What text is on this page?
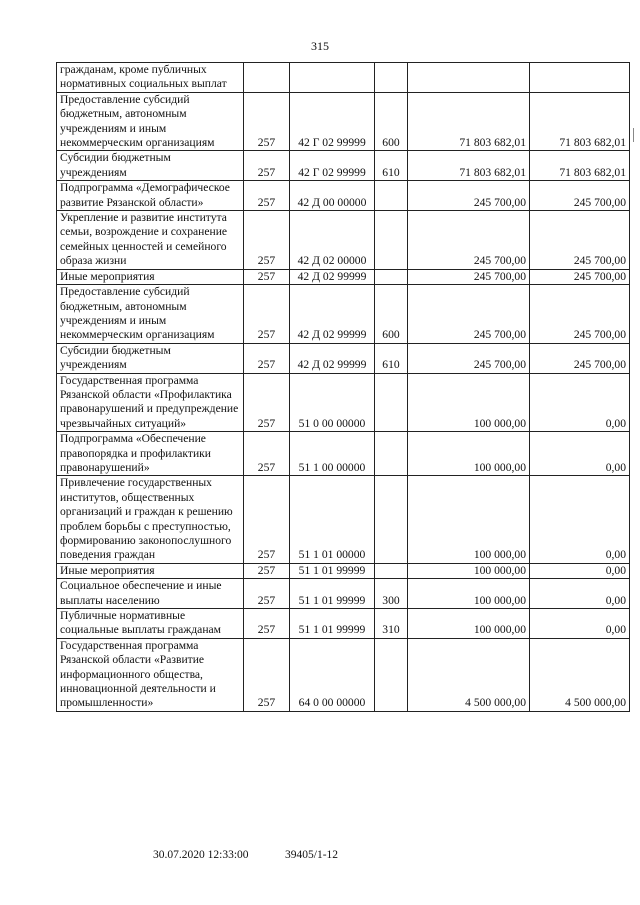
315
гражданам, кроме публичных нормативных социальных выплат					
Предоставление субсидий бюджетным, автономным учреждениям и иным некоммерческим организациям	257	42 Г 02 99999	600	71 803 682,01	71 803 682,01
Субсидии бюджетным учреждениям	257	42 Г 02 99999	610	71 803 682,01	71 803 682,01
Подпрограмма «Демографическое развитие Рязанской области»	257	42 Д 00 00000		245 700,00	245 700,00
Укрепление и развитие института семьи, возрождение и сохранение семейных ценностей и семейного образа жизни	257	42 Д 02 00000		245 700,00	245 700,00
Иные мероприятия	257	42 Д 02 99999		245 700,00	245 700,00
Предоставление субсидий бюджетным, автономным учреждениям и иным некоммерческим организациям	257	42 Д 02 99999	600	245 700,00	245 700,00
Субсидии бюджетным учреждениям	257	42 Д 02 99999	610	245 700,00	245 700,00
Государственная программа Рязанской области «Профилактика правонарушений и предупреждение чрезвычайных ситуаций»	257	51 0 00 00000		100 000,00	0,00
Подпрограмма «Обеспечение правопорядка и профилактики правонарушений»	257	51 1 00 00000		100 000,00	0,00
Привлечение государственных институтов, общественных организаций и граждан к решению проблем борьбы с преступностью, формированию законопослушного поведения граждан	257	51 1 01 00000		100 000,00	0,00
Иные мероприятия	257	51 1 01 99999		100 000,00	0,00
Социальное обеспечение и иные выплаты населению	257	51 1 01 99999	300	100 000,00	0,00
Публичные нормативные социальные выплаты гражданам	257	51 1 01 99999	310	100 000,00	0,00
Государственная программа Рязанской области «Развитие информационного общества, инновационной деятельности и промышленности»	257	64 0 00 00000		4 500 000,00	4 500 000,00
30.07.2020 12:33:00	39405/1-12
